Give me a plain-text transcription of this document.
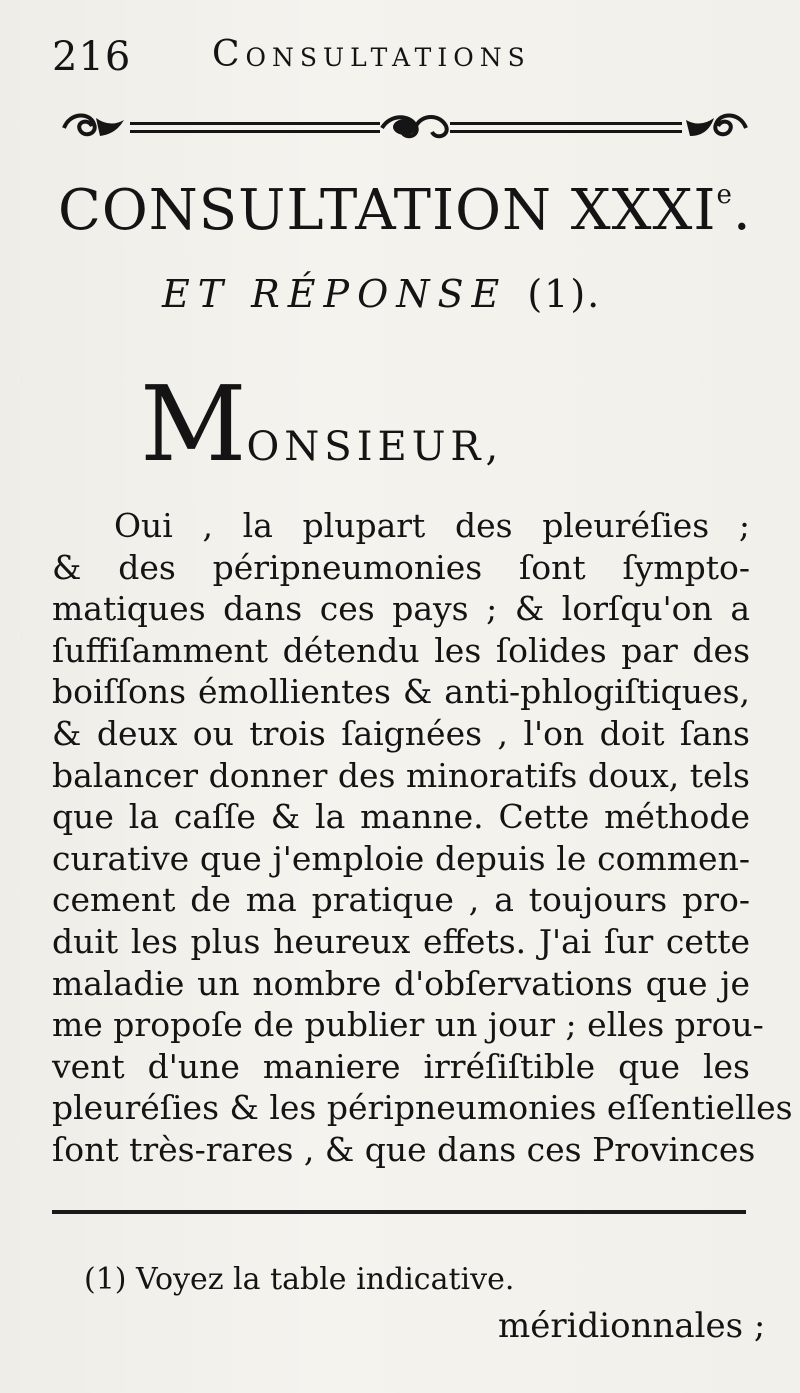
216 Consultations
CONSULTATION XXXIe.
ET RÉPONSE (1).
MONSIEUR,
Oui , la plupart des pleuréſies ;
& des péripneumonies ſont ſympto-
matiques dans ces pays ; & lorſqu'on a
ſuffiſamment détendu les ſolides par des
boiſſons émollientes & anti-phlogiſtiques,
& deux ou trois ſaignées , l'on doit ſans
balancer donner des minoratifs doux, tels
que la caſſe & la manne. Cette méthode
curative que j'emploie depuis le commen-
cement de ma pratique , a toujours pro-
duit les plus heureux effets. J'ai ſur cette
maladie un nombre d'obſervations que je
me propoſe de publier un jour ; elles prou-
vent d'une maniere irréſiſtible que les
pleuréſies & les péripneumonies eſſentielles
ſont très-rares , & que dans ces Provinces
(1) Voyez la table indicative.
méridionnales ;
